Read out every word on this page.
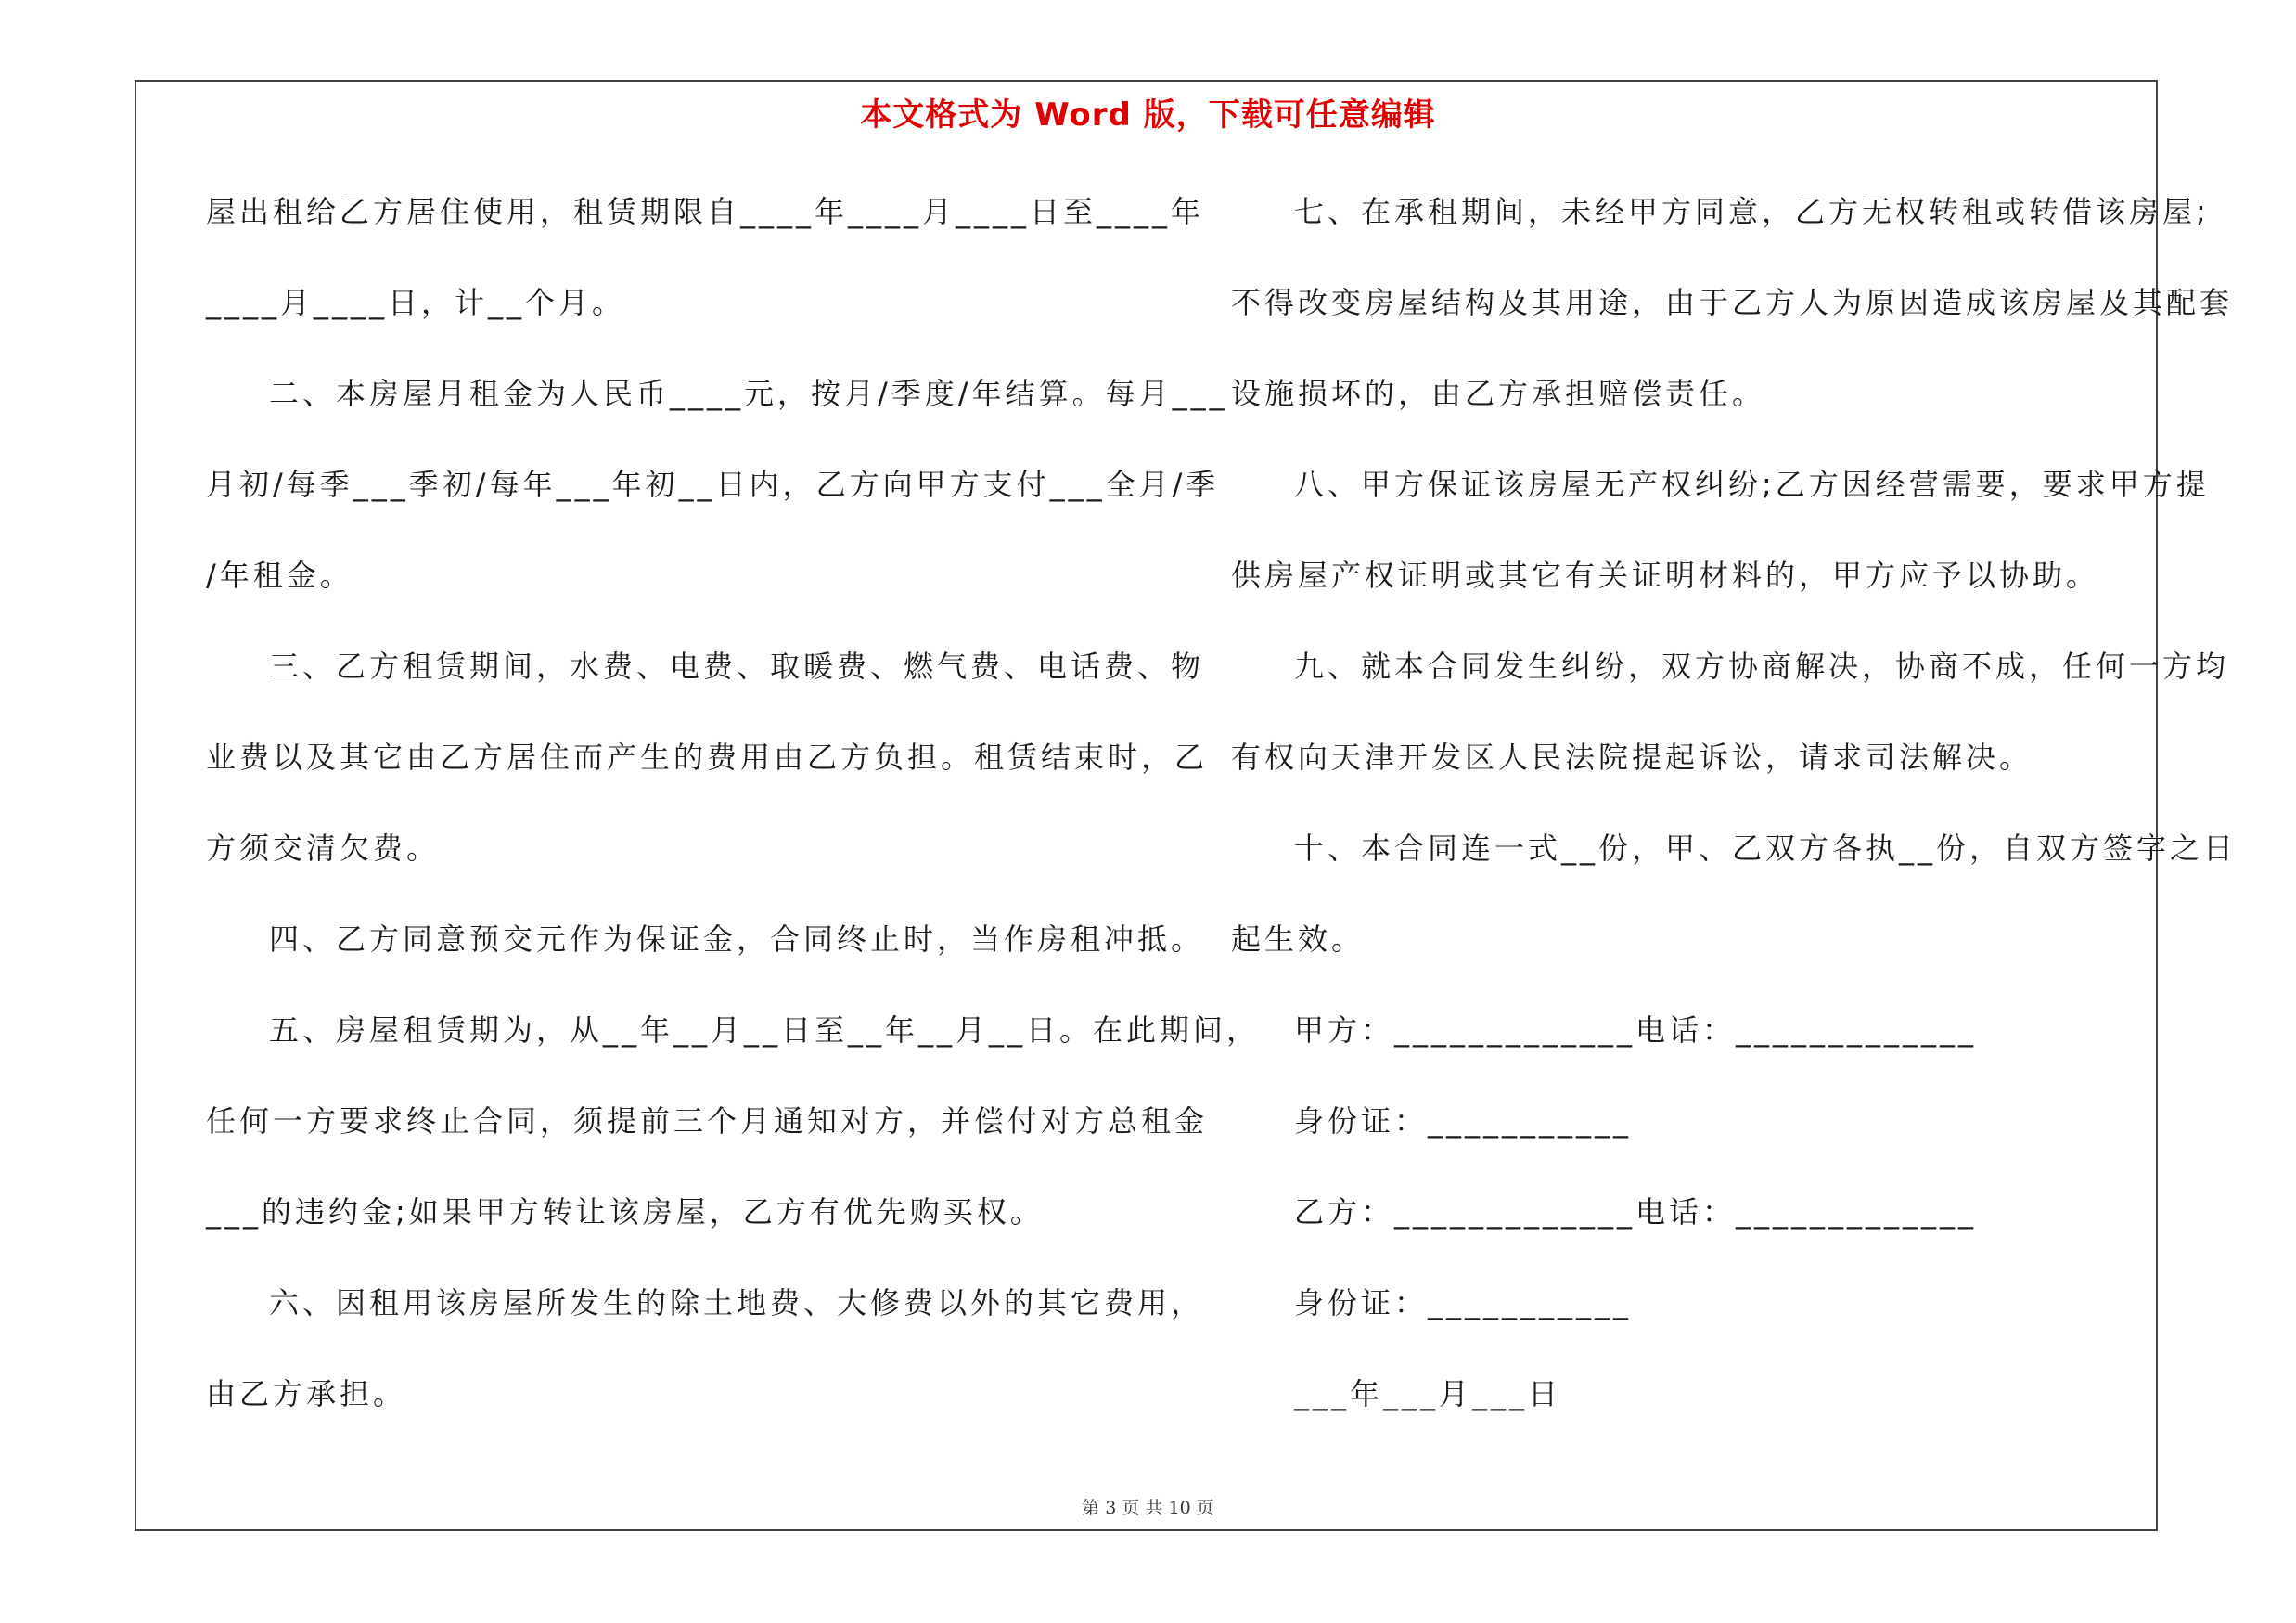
本文格式为 Word 版，下载可任意编辑
屋出租给乙方居住使用，租赁期限自____年____月____日至____年
____月____日，计__个月。
二、本房屋月租金为人民币____元，按月/季度/年结算。每月___
月初/每季___季初/每年___年初__日内，乙方向甲方支付___全月/季
/年租金。
三、乙方租赁期间，水费、电费、取暖费、燃气费、电话费、物
业费以及其它由乙方居住而产生的费用由乙方负担。租赁结束时，乙
方须交清欠费。
四、乙方同意预交元作为保证金，合同终止时，当作房租冲抵。
五、房屋租赁期为，从__年__月__日至__年__月__日。在此期间，
任何一方要求终止合同，须提前三个月通知对方，并偿付对方总租金
___的违约金;如果甲方转让该房屋，乙方有优先购买权。
六、因租用该房屋所发生的除土地费、大修费以外的其它费用，
由乙方承担。
七、在承租期间，未经甲方同意，乙方无权转租或转借该房屋;
不得改变房屋结构及其用途，由于乙方人为原因造成该房屋及其配套
设施损坏的，由乙方承担赔偿责任。
八、甲方保证该房屋无产权纠纷;乙方因经营需要，要求甲方提
供房屋产权证明或其它有关证明材料的，甲方应予以协助。
九、就本合同发生纠纷，双方协商解决，协商不成，任何一方均
有权向天津开发区人民法院提起诉讼，请求司法解决。
十、本合同连一式__份，甲、乙双方各执__份，自双方签字之日
起生效。
甲方：_____________电话：_____________
身份证：___________
乙方：_____________电话：_____________
身份证：___________
___年___月___日
第 3 页 共 10 页
